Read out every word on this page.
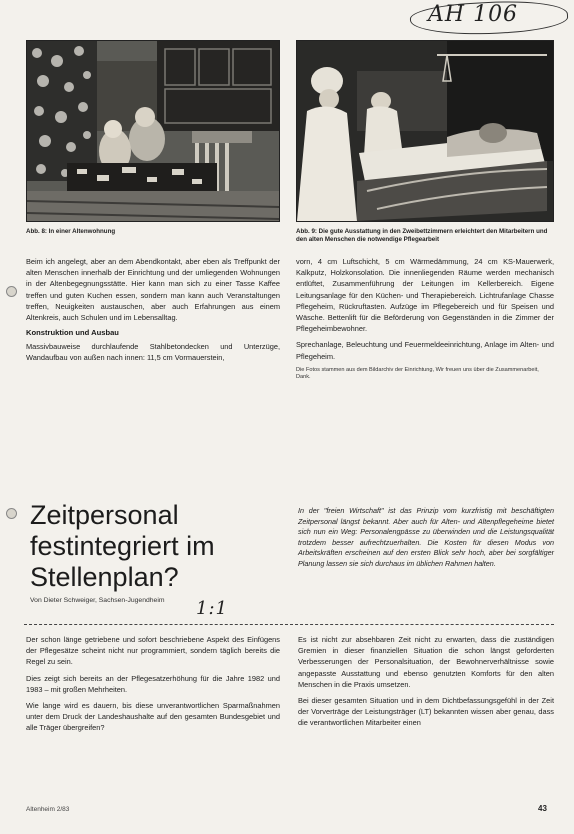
AH 106
Abb. 8: In einer Altenwohnung	Abb. 9: Die gute Ausstattung in den Zweibettzimmern erleichtert den Mitarbeitern und den alten Menschen die notwendige Pflegearbeit

Beim ich angelegt, aber an dem Abendkontakt, aber eben als Treffpunkt der alten Menschen innerhalb der Einrichtung und der umliegenden Wohnungen in der Altenbegegnungsstätte. Hier kann man sich zu einer Tasse Kaffee treffen und guten Kuchen essen, sondern man kann auch Veranstaltungen treffen, Neuigkeiten austauschen, aber auch Erfahrungen aus einem Altenkreis, auch Schulen und im Lebensalltag.

Konstruktion und Ausbau

Massivbauweise durchlaufende Stahlbetondecken und Unterzüge, Wandaufbau von außen nach innen: 11,5 cm Vormauerstein,

vorn, 4 cm Luftschicht, 5 cm Wärmedämmung, 24 cm KS-Mauerwerk, Kalkputz, Holzkonsolation. Die innenliegenden Räume werden mechanisch entlüftet, Zusammenführung der Leitungen im Kellerbereich. Eigene Leitungsanlage für den Küchen- und Therapiebereich. Lichtrufanlage Chasse Pflegeheim, Rückruftasten. Aufzüge im Pflegebereich und für Speisen und Wäsche. Bettenlift für die Beförderung von Gegenständen in die Zimmer der Pflegeheimbewohner.

Sprechanlage, Beleuchtung und Feuermeldeeinrichtung, Anlage im Alten- und Pflegeheim.

Die Fotos stammen aus dem Bildarchiv der Einrichtung, Wir freuen uns über die Zusammenarbeit, Dank.

Zeitpersonal

festintegriert im

Stellenplan?

In der "freien Wirtschaft" ist das Prinzip vom kurzfristig mit beschäftigten Zeitpersonal längst bekannt. Aber auch für Alten- und Altenpflegeheime bietet sich nun ein Weg: Personalengpässe zu überwinden und die Leistungsqualität trotzdem besser aufrechtzuerhalten. Die Kosten für diesen Modus von Arbeitskräften erscheinen auf den ersten Blick sehr hoch, aber bei sorgfältiger Planung lassen sie sich durchaus im üblichen Rahmen halten.

Von Dieter Schweiger, Sachsen-Jugendheim	1:1

Der schon länge getriebene und sofort beschriebene Aspekt des Einfügens der Pflegesätze scheint nicht nur programmiert, sondern täglich bereits die Regel zu sein.

Dies zeigt sich bereits an der Pflegesatzerhöhung für die Jahre 1982 und 1983 – mit großen Mehrheiten.

Wie lange wird es dauern, bis diese unverantwortlichen Sparmaßnahmen unter dem Druck der Landeshaushalte auf den gesamten Bundesgebiet und alle Träger übergreifen?

Es ist nicht zur absehbaren Zeit nicht zu erwarten, dass die zuständigen Gremien in dieser finanziellen Situation die schon längst geforderten Verbesserungen der Personalsituation, der Bewohnerverhältnisse sowie angepasste Ausstattung und ebenso genutzten Komforts für den alten Menschen in die Praxis umsetzen.

Bei dieser gesamten Situation und in dem Dichtbefassungsgefühl in der Zeit der Vorverträge der Leistungsträger (LT) bekannten wissen aber genau, dass die verantwortlichen Mitarbeiter einen

Altenheim 2/83	43
